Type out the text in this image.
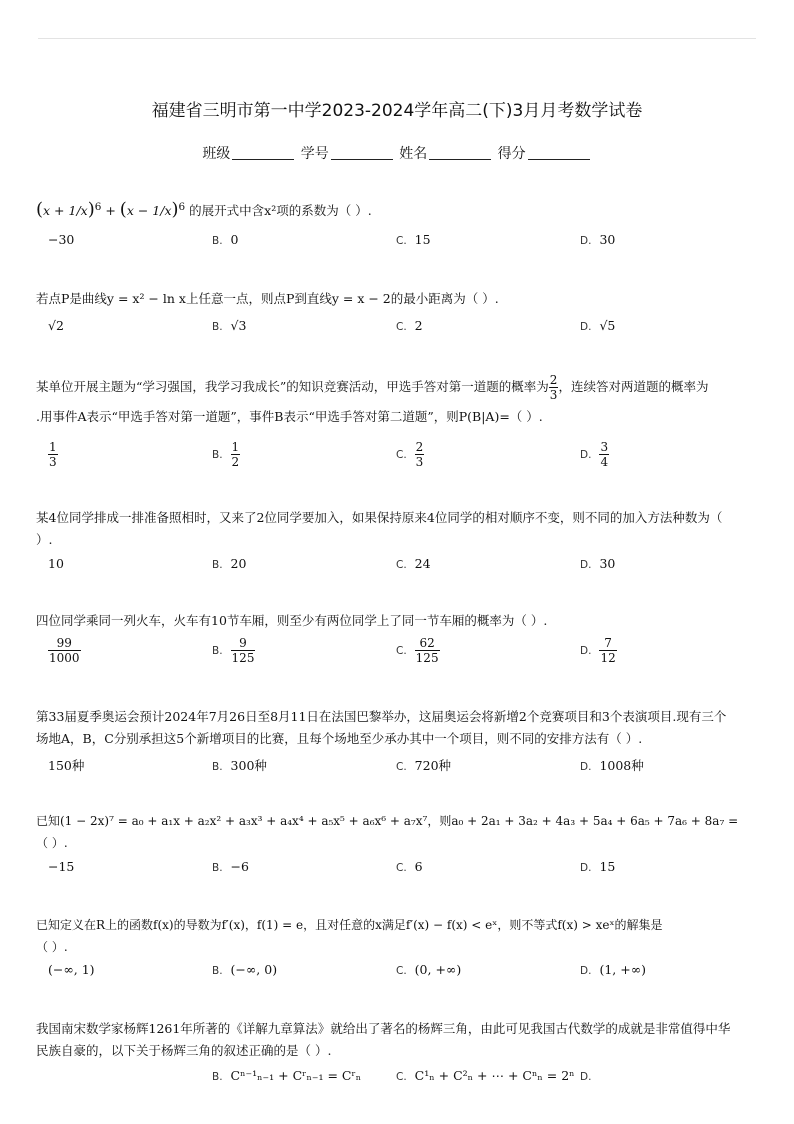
福建省三明市第一中学2023-2024学年高二(下)3月月考数学试卷
班级	学号	姓名	得分
$(x + 1/x)^6 + (x - 1/x)^6$ 的展开式中含x²项的系数为（ ）.
−30	B. 0	C. 15	D. 30
若点P是曲线y = x² − ln x上任意一点，则点P到直线y = x − 2的最小距离为（ ）.
√2	B. √3	C. 2	D. √5
某单位开展主题为“学习强国，我学习我成长”的知识竞赛活动，甲选手答对第一道题的概率为 $\frac{2}{3}$ ，连续答对两道题的概率为
.用事件A表示“甲选手答对第一道题”，事件B表示“甲选手答对第二道题”，则P(B|A)=（ ）.
$\frac{1}{3}$	B. $\frac{1}{2}$	C. $\frac{2}{3}$	D. $\frac{3}{4}$
某4位同学排成一排准备照相时，又来了2位同学要加入，如果保持原来4位同学的相对顺序不变，则不同的加入方法种数为（
）.
10	B. 20	C. 24	D. 30
四位同学乘同一列火车，火车有10节车厢，则至少有两位同学上了同一节车厢的概率为（ ）.
$\frac{99}{1000}$	B. $\frac{9}{125}$	C. $\frac{62}{125}$	D. $\frac{7}{12}$
第33届夏季奥运会预计2024年7月26日至8月11日在法国巴黎举办，这届奥运会将新增2个竞赛项目和3个表演项目.现有三个
场地A，B，C分别承担这5个新增项目的比赛，且每个场地至少承办其中一个项目，则不同的安排方法有（ ）.
150种	B. 300种	C. 720种	D. 1008种
已知(1 − 2x)⁷ = a₀ + a₁x + a₂x² + a₃x³ + a₄x⁴ + a₅x⁵ + a₆x⁶ + a₇x⁷，则a₀ + 2a₁ + 3a₂ + 4a₃ + 5a₄ + 6a₅ + 7a₆ + 8a₇ =
（ ）.
−15	B. −6	C. 6	D. 15
已知定义在R上的函数f(x)的导数为f′(x)，f(1) = e，且对任意的x满足f′(x) − f(x) < eˣ，则不等式f(x) > xeˣ的解集是
（ ）.
(−∞, 1)	B. (−∞, 0)	C. (0, +∞)	D. (1, +∞)
我国南宋数学家杨辉1261年所著的《详解九章算法》就给出了著名的杨辉三角，由此可见我国古代数学的成就是非常值得中华
民族自豪的，以下关于杨辉三角的叙述正确的是（ ）.
B. Cⁿ⁻¹ₙ₋₁ + Cʳₙ₋₁ = Cʳₙ	C. C¹ₙ + C²ₙ + ⋯ + Cⁿₙ = 2ⁿ D.
